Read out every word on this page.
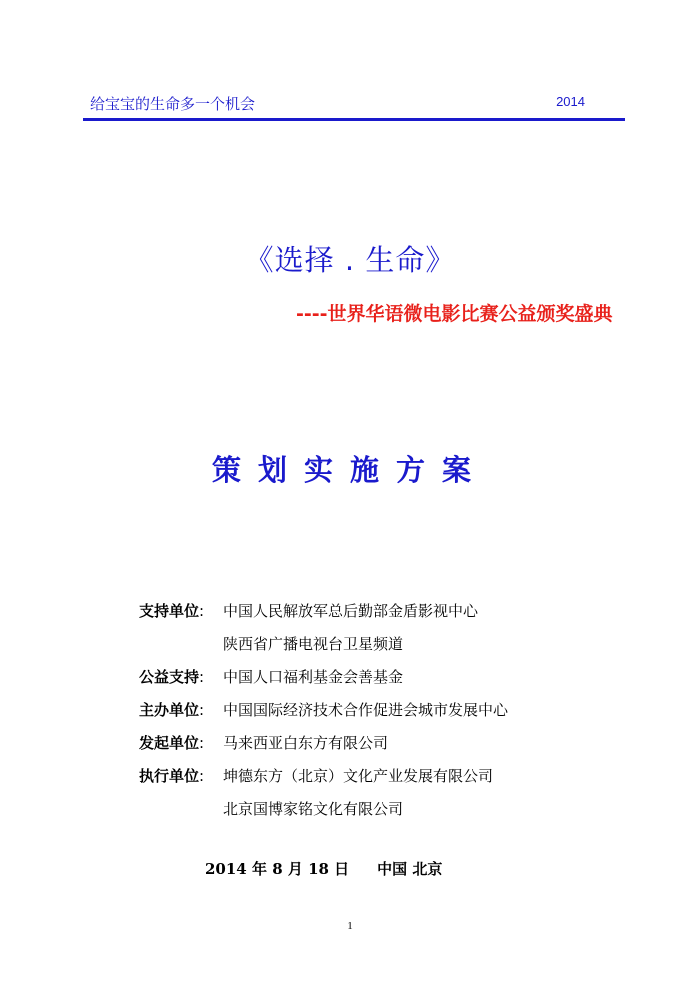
给宝宝的生命多一个机会	2014
《选择 . 生命》
----世界华语微电影比赛公益颁奖盛典
策划实施方案
支持单位: 中国人民解放军总后勤部金盾影视中心
陕西省广播电视台卫星频道
公益支持: 中国人口福利基金会善基金
主办单位: 中国国际经济技术合作促进会城市发展中心
发起单位: 马来西亚白东方有限公司
执行单位: 坤德东方（北京）文化产业发展有限公司
北京国博家铭文化有限公司
2014 年 8 月 18 日 中国 北京
1
